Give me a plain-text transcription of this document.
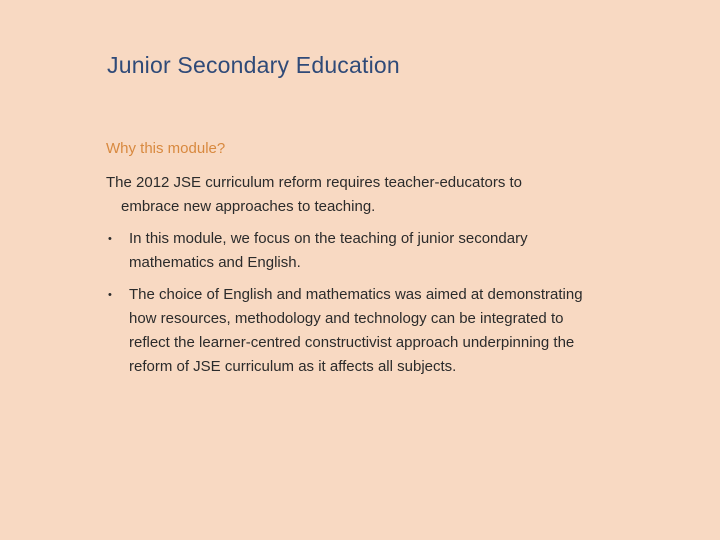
Junior Secondary Education
Why this module?

The 2012 JSE curriculum reform requires teacher-educators to
embrace new approaches to teaching.

• In this module, we focus on the teaching of junior secondary mathematics and English.
• The choice of English and mathematics was aimed at demonstrating how resources, methodology and technology can be integrated to reflect the learner-centred constructivist approach underpinning the reform of JSE curriculum as it affects all subjects.
